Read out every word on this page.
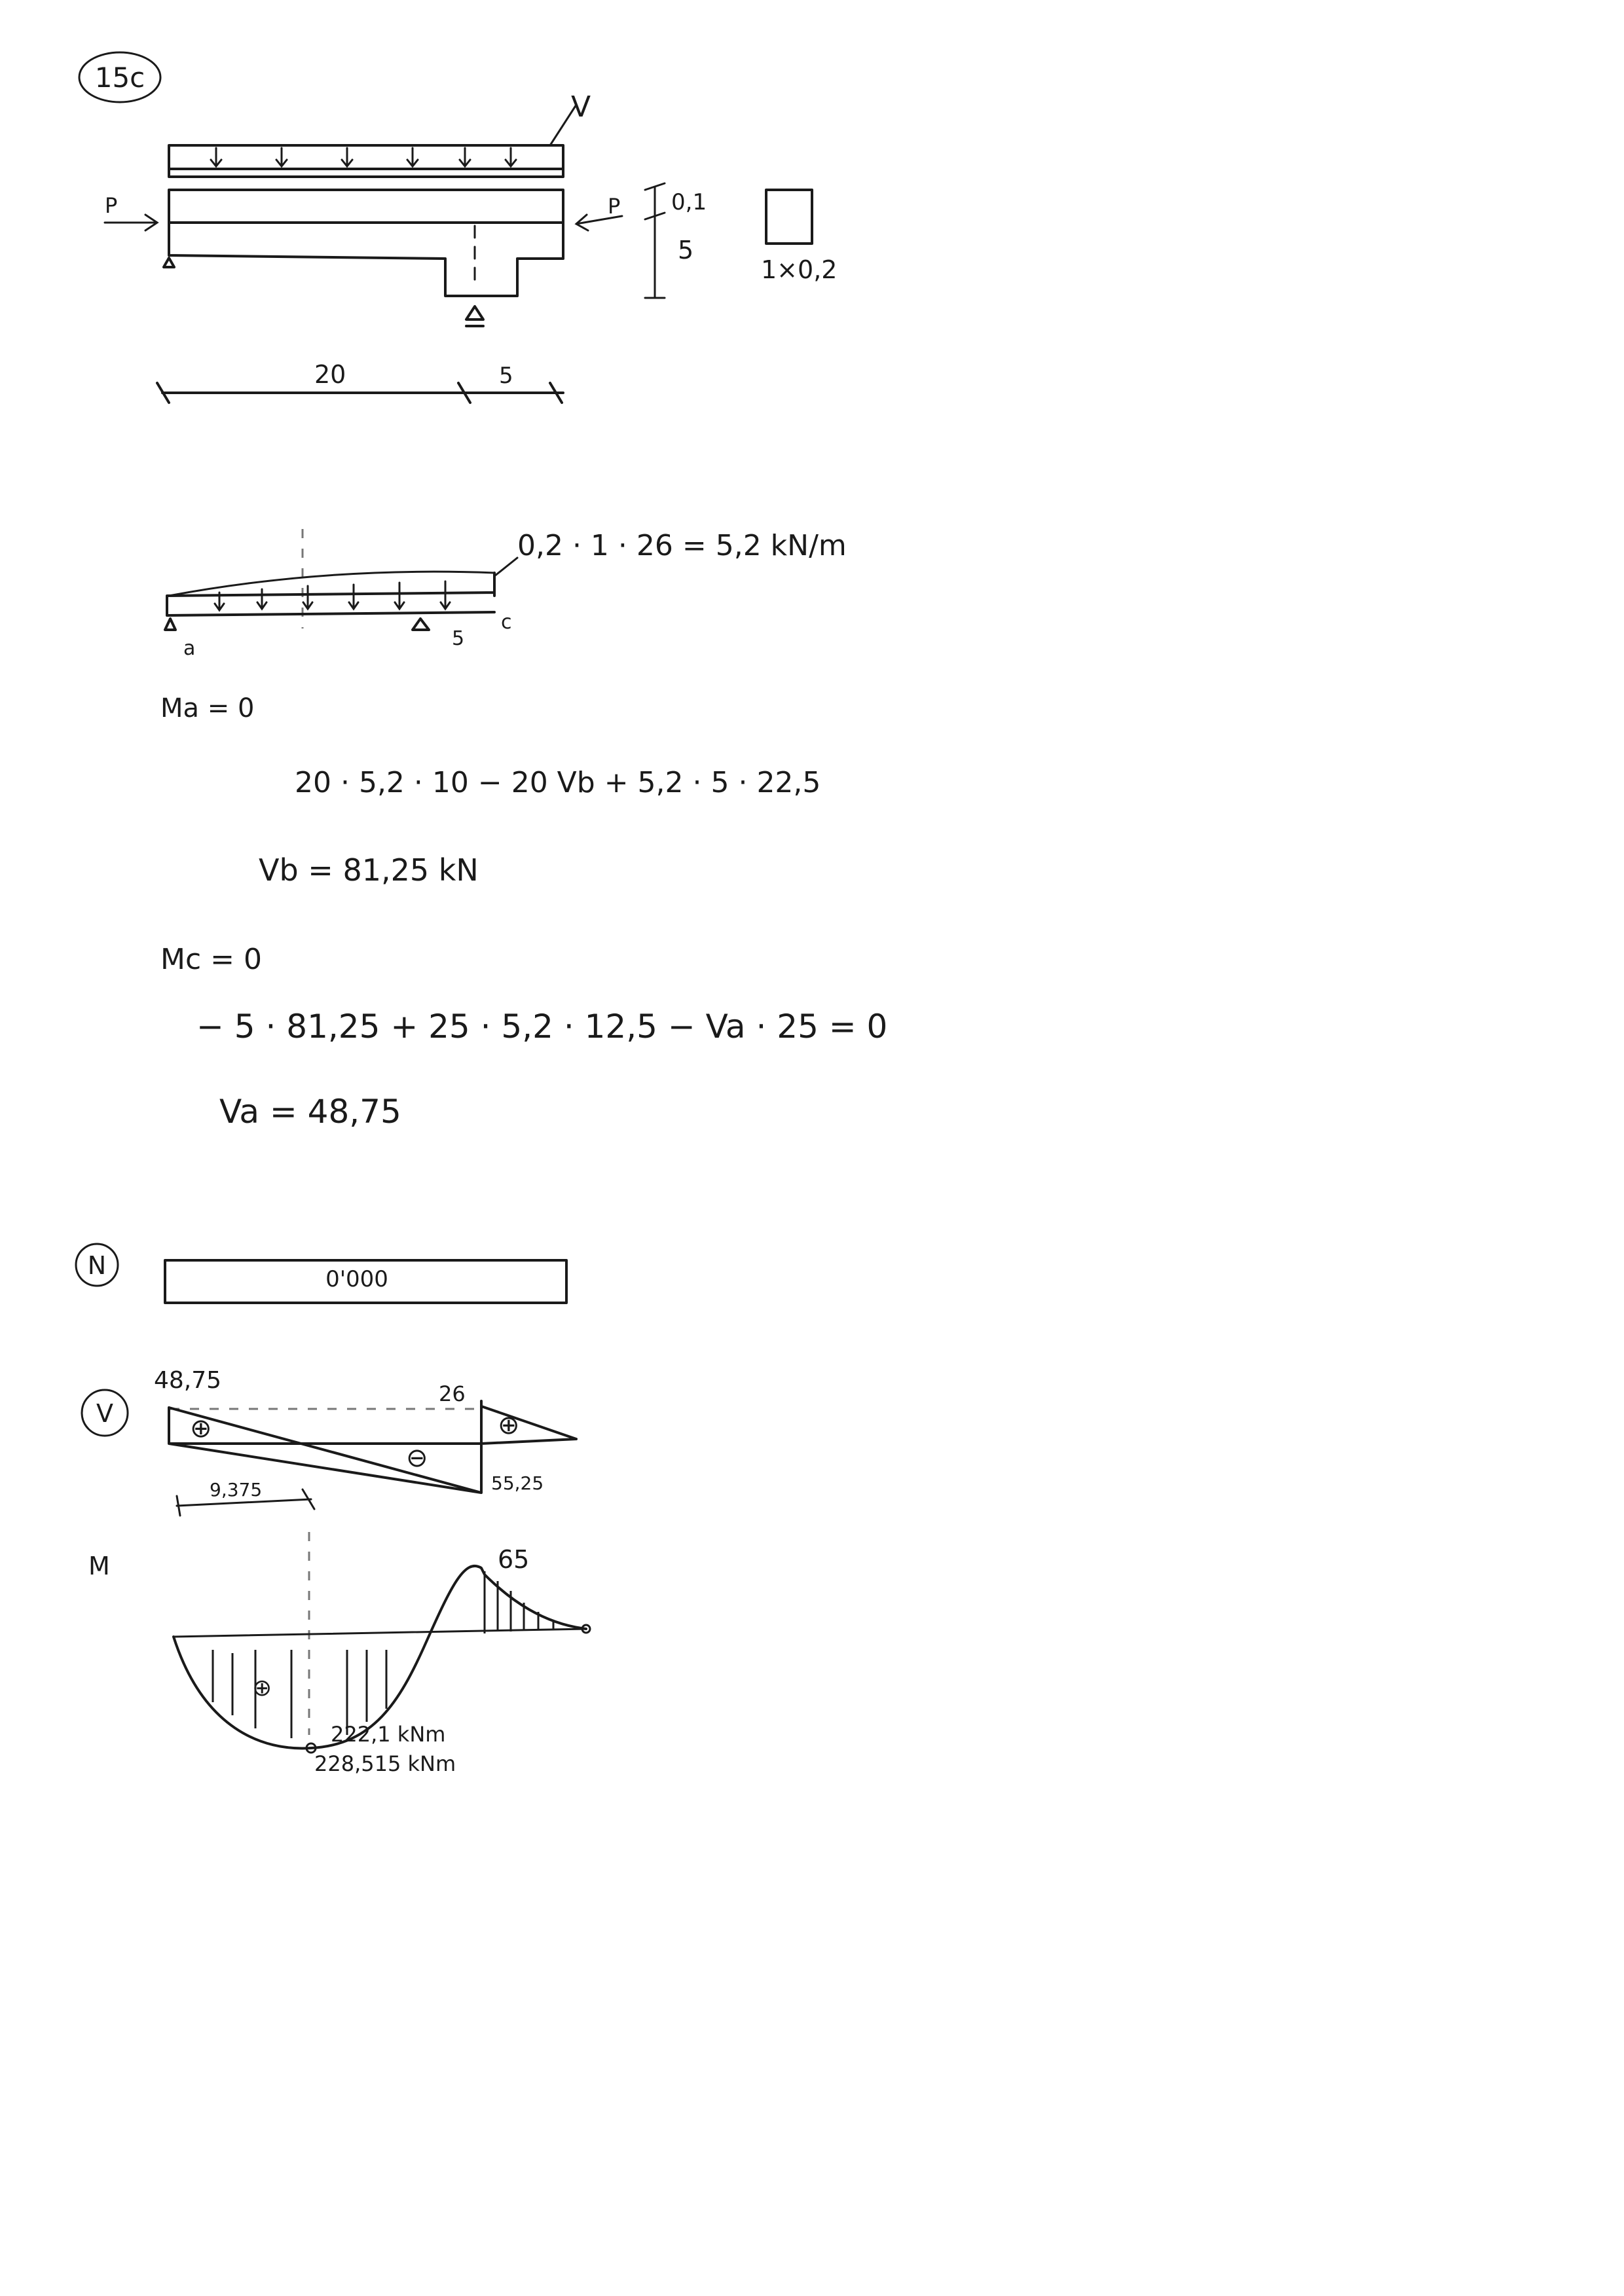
15c
V
P	P 0,1
5
1×0,2
20	5
0,2 · 1 · 26 = 5,2 kN/m
a	5
c
Ma = 0
20 · 5,2 · 10 − 20 Vb + 5,2 · 5 · 22,5
Vb = 81,25 kN
Mc = 0
− 5 · 81,25 + 25 · 5,2 · 12,5 − Va · 25 = 0
Va = 48,75
N	0'000
V
48,75	26
55,25
⊕
⊖
⊕
9,375
M
⊕
65
222,1 kNm
228,515 kNm
